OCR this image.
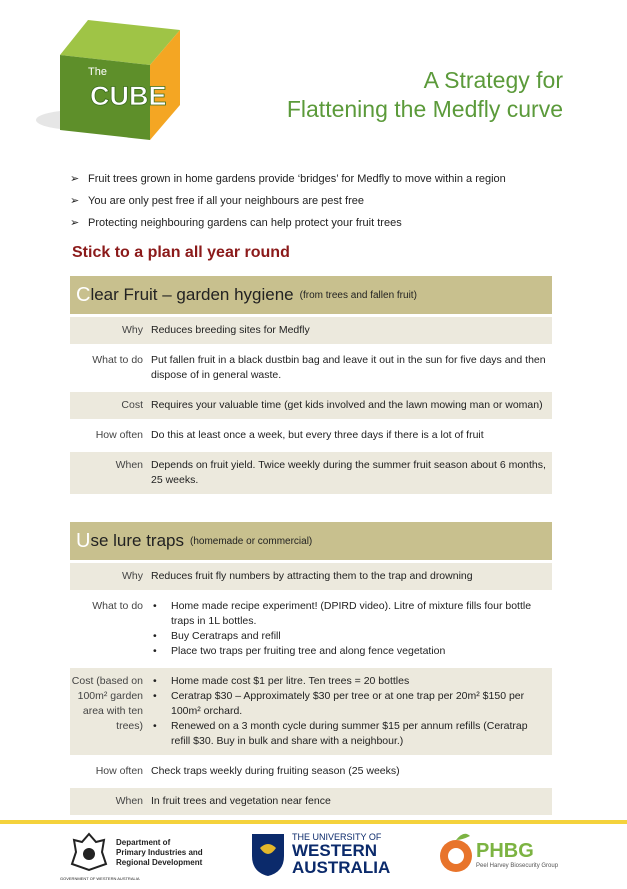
The
CUBE
A Strategy for
Flattening the Medfly curve
➢ Fruit trees grown in home gardens provide ‘bridges’ for Medfly to move within a region
➢ You are only pest free if all your neighbours are pest free
➢ Protecting neighbouring gardens can help protect your fruit trees
Stick to a plan all year round
C lear Fruit – garden hygiene (from trees and fallen fruit)
Why Reduces breeding sites for Medfly
What to do Put fallen fruit in a black dustbin bag and leave it out in the sun for five days and then dispose of in general waste.
Cost Requires your valuable time (get kids involved and the lawn mowing man or woman)
How often Do this at least once a week, but every three days if there is a lot of fruit
When Depends on fruit yield. Twice weekly during the summer fruit season about 6 months, 25 weeks.
U se lure traps (homemade or commercial)
Why Reduces fruit fly numbers by attracting them to the trap and drowning
What to do
•	Home made recipe experiment! (DPIRD video). Litre of mixture fills four bottle traps in 1L bottles.
• Buy Ceratraps and refill
• Place two traps per fruiting tree and along fence vegetation
Cost (based on 100m² garden area with ten trees)
• Home made cost $1 per litre. Ten trees = 20 bottles
• Ceratrap $30 – Approximately $30 per tree or at one trap per 20m² $150 per 100m² orchard.
• Renewed on a 3 month cycle during summer $15 per annum refills (Ceratrap refill $30. Buy in bulk and share with a neighbour.)
How often Check traps weekly during fruiting season (25 weeks)
When In fruit trees and vegetation near fence
Department of
Primary Industries and
Regional Development
GOVERNMENT OF WESTERN AUSTRALIA
THE UNIVERSITY OF
WESTERN
AUSTRALIA
PHBG
Peel Harvey Biosecurity Group
